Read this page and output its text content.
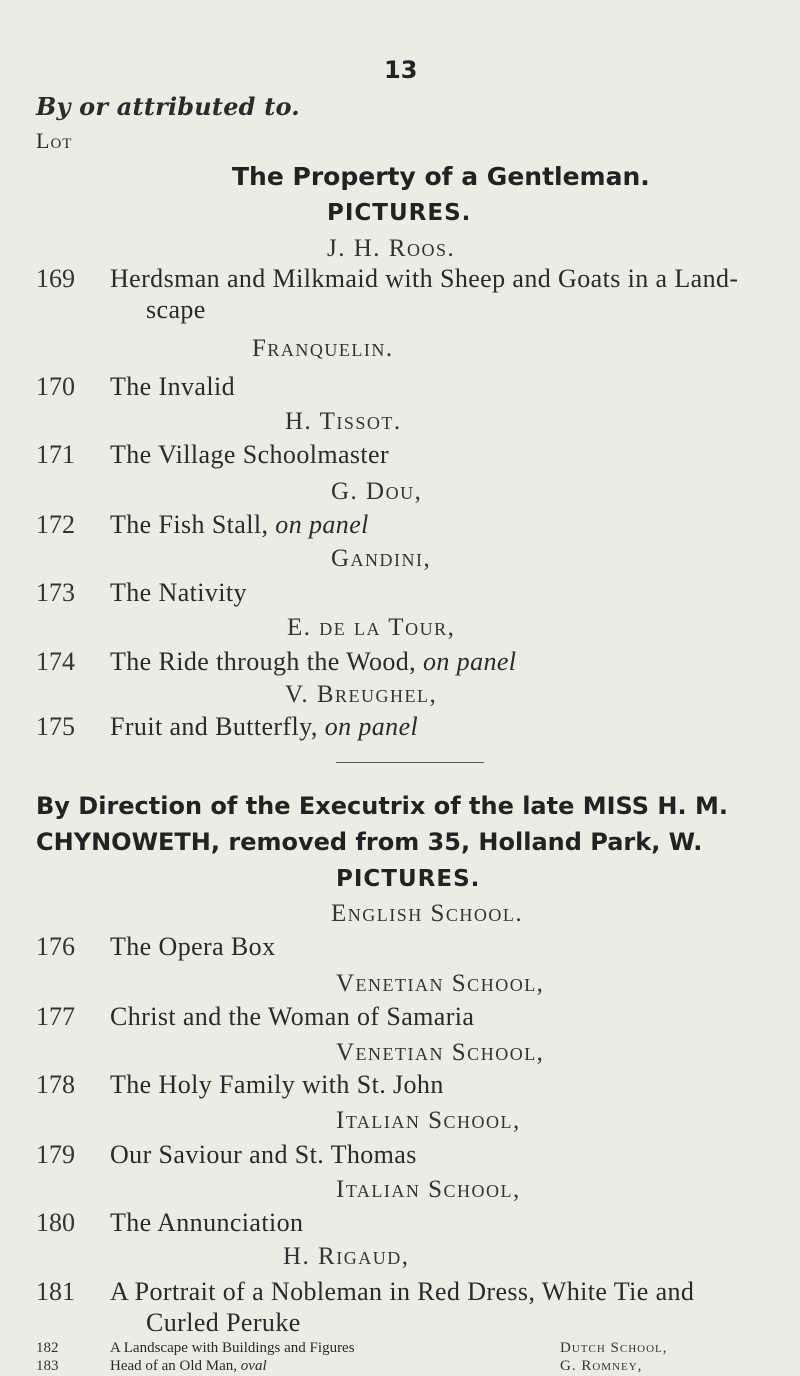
13
By or attributed to.
Lot
The Property of a Gentleman.
PICTURES.
J. H. Roos.
169 Herdsman and Milkmaid with Sheep and Goats in a Land-
scape
Franquelin.
170 The Invalid
H. Tissot.
171 The Village Schoolmaster
G. Dou,
172 The Fish Stall, on panel
Gandini,
173 The Nativity
E. de la Tour,
174 The Ride through the Wood, on panel
V. Breughel,
175 Fruit and Butterfly, on panel
By Direction of the Executrix of the late MISS H. M.
CHYNOWETH, removed from 35, Holland Park, W.
PICTURES.
English School.
176 The Opera Box
Venetian School,
177 Christ and the Woman of Samaria
Venetian School,
178 The Holy Family with St. John
Italian School,
179 Our Saviour and St. Thomas
Italian School,
180 The Annunciation
H. Rigaud,
181 A Portrait of a Nobleman in Red Dress, White Tie and
Curled Peruke
182	A Landscape with Buildings and Figures	Dutch School,
183	Head of an Old Man, oval	G. Romney,
